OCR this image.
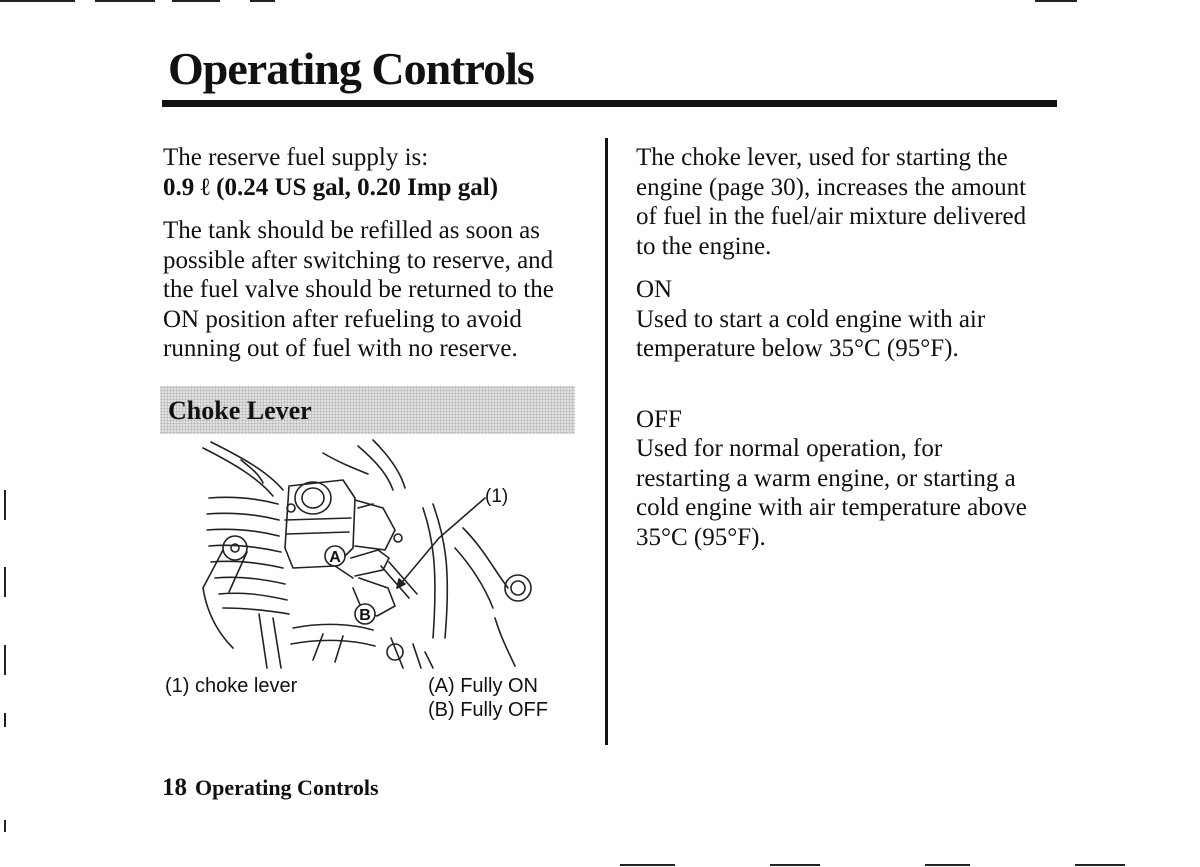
Operating Controls

The reserve fuel supply is:

0.9 ℓ (0.24 US gal, 0.20 Imp gal)

The tank should be refilled as soon as

possible after switching to reserve, and

the fuel valve should be returned to the

ON position after refueling to avoid

running out of fuel with no reserve.

Choke Lever
A
B
(1)

(1) choke lever	(A) Fully ON

(B) Fully OFF

The choke lever, used for starting the

engine (page 30), increases the amount

of fuel in the fuel/air mixture delivered

to the engine.

ON

Used to start a cold engine with air

temperature below 35°C (95°F).

OFF

Used for normal operation, for

restarting a warm engine, or starting a

cold engine with air temperature above

35°C (95°F).

18 Operating Controls
